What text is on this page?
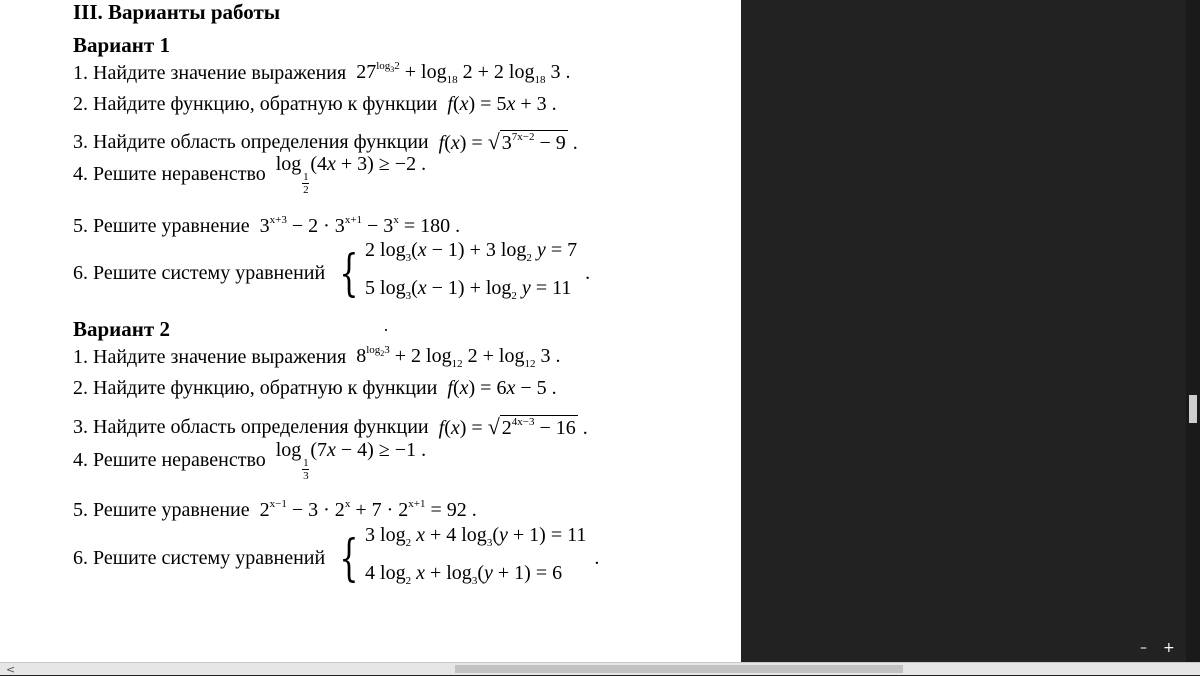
III. Варианты работы
Вариант 1
1. Найдите значение выражения $27^{log_32} + \log_{18} 2 + 2$ $\log_{18} 3$ .
2. Найдите функцию, обратную к функции f(x) = 5x + 3 .
3. Найдите область определения функции f(x) = √ $3^{7x-2} - 9$ .
4. Решите неравенство log
$\frac{1}{2}$
(4x + 3) ≥ −2 .
5. Решите уравнение $3^{x+3} - 2 \cdot 3^{x+1} - 3^x = 180$ .
6. Решите систему уравнений { 2 $\log_3(x - 1) + 3$ $\log_2 y = 7$
5 $\log_3(x - 1) + \log_2 y = 11$
.
Вариант 2
1. Найдите значение выражения $8^{log_23} + 2$ $\log_{12} 2 + \log_{12} 3$ .
2. Найдите функцию, обратную к функции f(x) = 6x − 5 .
3. Найдите область определения функции f(x) = √ $2^{4x-3} - 16$ .
4. Решите неравенство log
$\frac{1}{3}$
(7x − 4) ≥ −1 .
5. Решите уравнение $2^{x-1} - 3 \cdot 2^x + 7 \cdot 2^{x+1} = 92$ .
6. Решите систему уравнений { 3 $\log_2 x + 4$ $\log_3(y + 1) = 11$
4 $\log_2 x + \log_3(y + 1) = 6$
.
– +
<
